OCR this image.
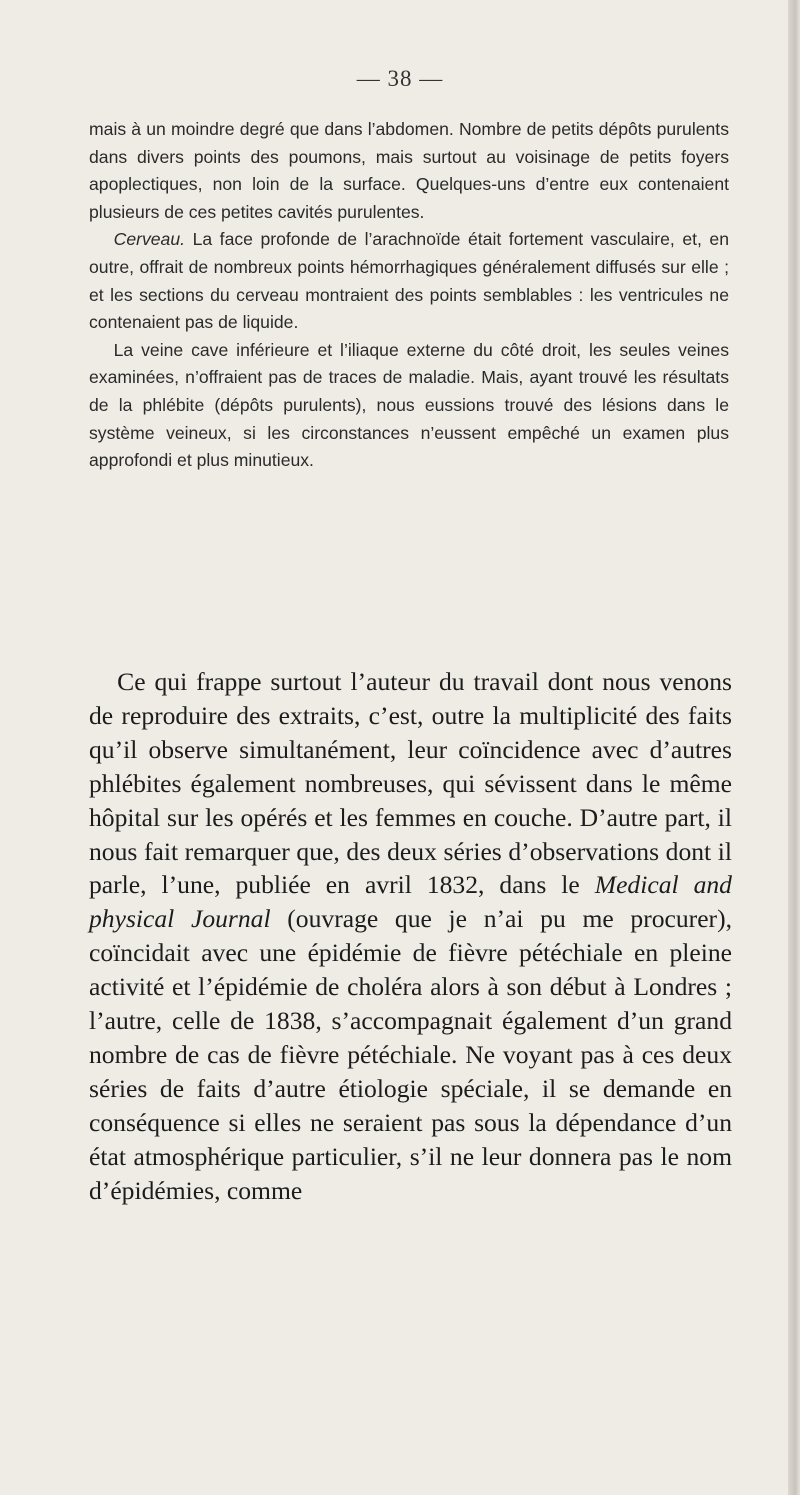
— 38 —

mais à un moindre degré que dans l’abdomen. Nombre de petits dépôts purulents dans divers points des poumons, mais surtout au voisinage de petits foyers apoplectiques, non loin de la surface. Quelques-uns d’entre eux contenaient plusieurs de ces petites cavités purulentes.

Cerveau. La face profonde de l’arachnoïde était fortement vasculaire, et, en outre, offrait de nombreux points hémorrhagiques généralement diffusés sur elle ; et les sections du cerveau montraient des points semblables : les ventricules ne contenaient pas de liquide.

La veine cave inférieure et l’iliaque externe du côté droit, les seules veines examinées, n’offraient pas de traces de maladie. Mais, ayant trouvé les résultats de la phlébite (dépôts purulents), nous eussions trouvé des lésions dans le système veineux, si les circonstances n’eussent empêché un examen plus approfondi et plus minutieux.

Ce qui frappe surtout l’auteur du travail dont nous venons de reproduire des extraits, c’est, outre la multiplicité des faits qu’il observe simultanément, leur coïncidence avec d’autres phlébites également nombreuses, qui sévissent dans le même hôpital sur les opérés et les femmes en couche. D’autre part, il nous fait remarquer que, des deux séries d’observations dont il parle, l’une, publiée en avril 1832, dans le Medical and physical Journal (ouvrage que je n’ai pu me procurer), coïncidait avec une épidémie de fièvre pétéchiale en pleine activité et l’épidémie de choléra alors à son début à Londres ; l’autre, celle de 1838, s’accompagnait également d’un grand nombre de cas de fièvre pétéchiale. Ne voyant pas à ces deux séries de faits d’autre étiologie spéciale, il se demande en conséquence si elles ne seraient pas sous la dépendance d’un état atmosphérique particulier, s’il ne leur donnera pas le nom d’épidémies, comme
